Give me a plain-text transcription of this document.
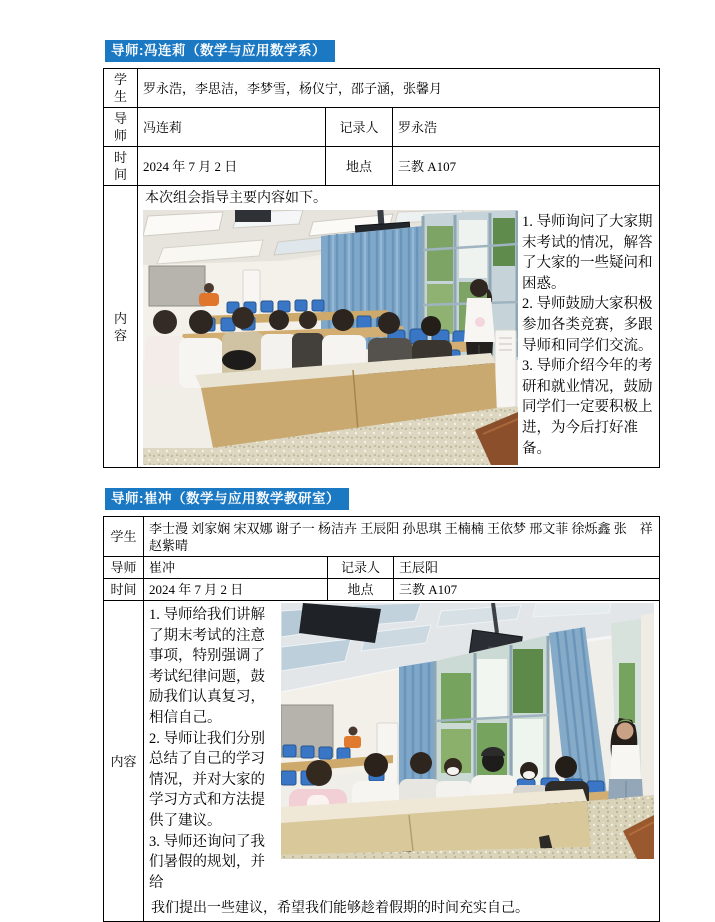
导师:冯连莉（数学与应用数学系）
学生	罗永浩，李思洁，李梦雪，杨仪宁，邵子涵，张馨月		
导师	冯连莉	记录人	罗永浩
时间	2024 年 7 月 2 日	地点	三教 A107
内容	本次组会指导主要内容如下。

1. 导师询问了大家期末考试的情况，解答了大家的一些疑问和困惑。

2. 导师鼓励大家积极参加各类竞赛，多跟导师和同学们交流。

3. 导师介绍今年的考研和就业情况，鼓励同学们一定要积极上进，为今后打好准备。		

导师:崔冲（数学与应用数学教研室）
学生	李士漫 刘家娴 宋双娜 谢子一 杨洁卉 王辰阳 孙思琪 王楠楠 王依梦 邢文菲 徐烁鑫 张　祥 赵紫晴		
导师	崔冲	记录人	王辰阳
时间	2024 年 7 月 2 日	地点	三教 A107
内容	1. 导师给我们讲解了期末考试的注意事项，特别强调了考试纪律问题，鼓励我们认真复习，相信自己。

2. 导师让我们分别总结了自己的学习情况，并对大家的学习方式和方法提供了建议。

3. 导师还询问了我们暑假的规划，并给

我们提出一些建议，希望我们能够趁着假期的时间充实自己。		
